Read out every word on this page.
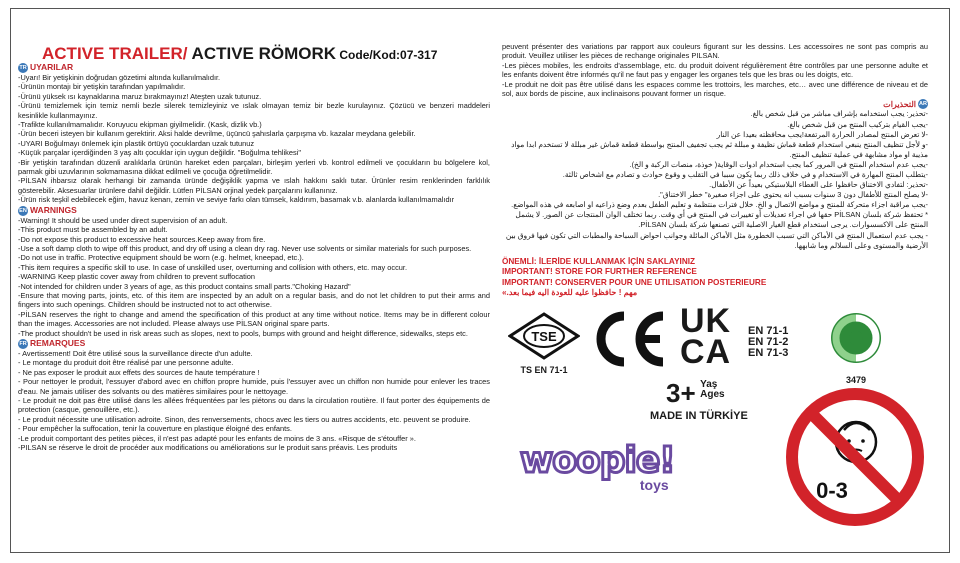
ACTIVE TRAILER/ ACTIVE RÖMORK Code/Kod:07-317
TR UYARILAR

-Uyarı! Bir yetişkinin doğrudan gözetimi altında kullanılmalıdır.

-Ürünün montajı bir yetişkin tarafından yapılmalıdır.

-Ürünü yüksek ısı kaynaklarına maruz bırakmayınız! Ateşten uzak tutunuz.

-Ürünü temizlemek için temiz nemli bezle silerek temizleyiniz ve ıslak olmayan temiz bir bezle kurulayınız. Çözücü ve benzeri maddeleri kesinlikle kullanmayınız.

-Trafikte kullanılmamalıdır. Koruyucu ekipman giyilmelidir. (Kask, dizlik vb.)

-Ürün beceri isteyen bir kullanım gerektirir. Aksi halde devrilme, üçüncü şahıslarla çarpışma vb. kazalar meydana gelebilir.

-UYARI Boğulmayı önlemek için plastik örtüyü çocuklardan uzak tutunuz

-Küçük parçalar içerdiğinden 3 yaş altı çocuklar için uygun değildir. "Boğulma tehlikesi"

-Bir yetişkin tarafından düzenli aralıklarla ürünün hareket eden parçaları, birleşim yerleri vb. kontrol edilmeli ve çocukların bu bölgelere kol, parmak gibi uzuvlarının sokmamasına dikkat edilmeli ve çocuğa öğretilmelidir.

-PİLSAN ihbarsız olarak herhangi bir zamanda üründe değişiklik yapma ve ıslah hakkını saklı tutar. Ürünler resim renklerinden farklılık gösterebilir. Aksesuarlar ürünlere dahil değildir. Lütfen PİLSAN orjinal yedek parçalarını kullanınız.

-Ürün risk teşkil edebilecek eğim, havuz kenarı, zemin ve seviye farkı olan tümsek, kaldırım, basamak v.b. alanlarda kullanılmamalıdır

EN WARNINGS

-Warning! It should be used under direct supervision of an adult.

-This product must be assembled by an adult.

-Do not expose this product to excessive heat sources.Keep away from fire.

-Use a soft damp cloth to wipe off this product, and dry off using a clean dry rag. Never use solvents or similar materials for such purposes.

-Do not use in traffic. Protective equipment should be worn (e.g. helmet, kneepad, etc.).

-This item requires a specific skill to use. In case of unskilled user, overturning and collision with others, etc. may occur.

-WARNING Keep plastic cover away from children to prevent suffocation

-Not intended for children under 3 years of age, as this product contains small parts."Choking Hazard"

-Ensure that moving parts, joints, etc. of this item are inspected by an adult on a regular basis, and do not let children to put their arms and fingers into such openings. Children should be instructed not to act otherwise.

-PİLSAN reserves the right to change and amend the specification of this product at any time without notice. Items may be in different colour than the images. Accessories are not included. Please always use PİLSAN original spare parts.

-The product shouldn't be used in risk areas such as slopes, next to pools, bumps with ground and height difference, sidewalks, steps etc.

FR REMARQUES

- Avertissement! Doit être utilisé sous la surveillance directe d'un adulte.

- Le montage du produit doit être réalisé par une personne adulte.

- Ne pas exposer le produit aux effets des sources de haute température !

- Pour nettoyer le produit, l'essuyer d'abord avec en chiffon propre humide, puis l'essuyer avec un chiffon non humide pour enlever les traces d'eau. Ne jamais utiliser des solvants ou des matières similaires pour le nettoyage.

- Le produit ne doit pas être utilisé dans les allées fréquentées par les piétons ou dans la circulation routière. Il faut porter des équipements de protection (casque, genouillère, etc.).

- Le produit nécessite une utilisation adroite. Sinon, des renversements, chocs avec les tiers ou autres accidents, etc. peuvent se produire.

- Pour empêcher la suffocation, tenir la couverture en plastique éloigné des enfants.

-Le produit comportant des petites pièces, il n'est pas adapté pour les enfants de moins de 3 ans. «Risque de s'étouffer ».

-PILSAN se réserve le droit de procéder aux modifications ou améliorations sur le produit sans préavis. Les produits

peuvent présenter des variations par rapport aux couleurs figurant sur les dessins. Les accessoires ne sont pas compris au produit. Veuillez utiliser les pièces de rechange originales PILSAN.

-Les pièces mobiles, les endroits d'assemblage, etc. du produit doivent régulièrement être contrôles par une personne adulte et les enfants doivent être informés qu'il ne faut pas y engager les organes tels que les bras ou les doigts, etc.

-Le produit ne doit pas être utilisé dans les espaces comme les trottoirs, les marches, etc… avec une différence de niveau et de sol, aux bords de piscine, aux inclinaisons pouvant former un risque.

التحذيرات AR

-تحذير: يجب استخدامه بإشراف مباشر من قبل شخص بالغ.

-يجب القيام بتركيب المنتج من قبل شخص بالغ.

-لا تعرض المنتج لمصادر الحرارة المرتفعة!يجب محافظته بعيدا عن النار

-و لأجل تنظيف المنتج ينبغي استخدام قطعة قماش نظيفة و مبللة ثم يجب تجفيف المنتج بواسطة قطعة قماش غير مبللة لا تستخدم ابدا مواد مذيبة او مواد مشابهة في عملية تنظيف المنتج.

-يجب عدم استخدام المنتج في المرور كما يجب استخدام ادوات الوقاية( خوذة، منصات الركبة و الخ).

-يتطلب المنتج المهارة في الاستخدام و في خلاف ذلك ربما يكون سببا في التقلب و وقوع حوادث و تصادم مع اشخاص ثالثة.

-تحذير: لتفادي الاختناق حافظوا على الغطاء البلاستيكي بعيداً عن الأطفال.

-لا يصلح المنتج للأطفال دون 3 سنوات بسبب انه يحتوي على اجزاء صغيرة" خطر الاختناق".

-يجب مراقبة اجزاء متحركة للمنتج و مواضع الاتصال و الخ. خلال فترات منتظمة و تعليم الطفل بعدم وضع ذراعيه او اصابعه في هذه المواضع.

* تحتفظ شركة بلسان PİLSAN حقها في اجراء تعديلات أو تغييرات في المنتج في أي وقت. ربما تختلف الوان المنتجات عن الصور. لا يشمل المنتج على الاكسسوارات. يرجى استخدام قطع الغيار الاصلية التي تصنعها شركة بلسان PİLSAN.

- يجب عدم استعمال المنتج في الأماكن التي تسبب الخطورة مثل الأماكن المائلة وجوانب احواض السباحة والمطبات التي تكون فيها فروق بين الأرضية والمستوى وعلى السلالم وما شابهها.

ÖNEMLİ: İLERİDE KULLANMAK İÇİN SAKLAYINIZ

IMPORTANT! STORE FOR FURTHER REFERENCE

IMPORTANT! CONSERVER POUR UNE UTILISATION POSTERIEURE

مهم ! حافظوا عليه للعودة اليه فيما بعد.»

TSE
TS EN 71-1
UK
CA

EN 71-1

EN 71-2

EN 71-3

3479
3+ Yaş
Ages
MADE IN TÜRKİYE
woopie!
toys	0-3
